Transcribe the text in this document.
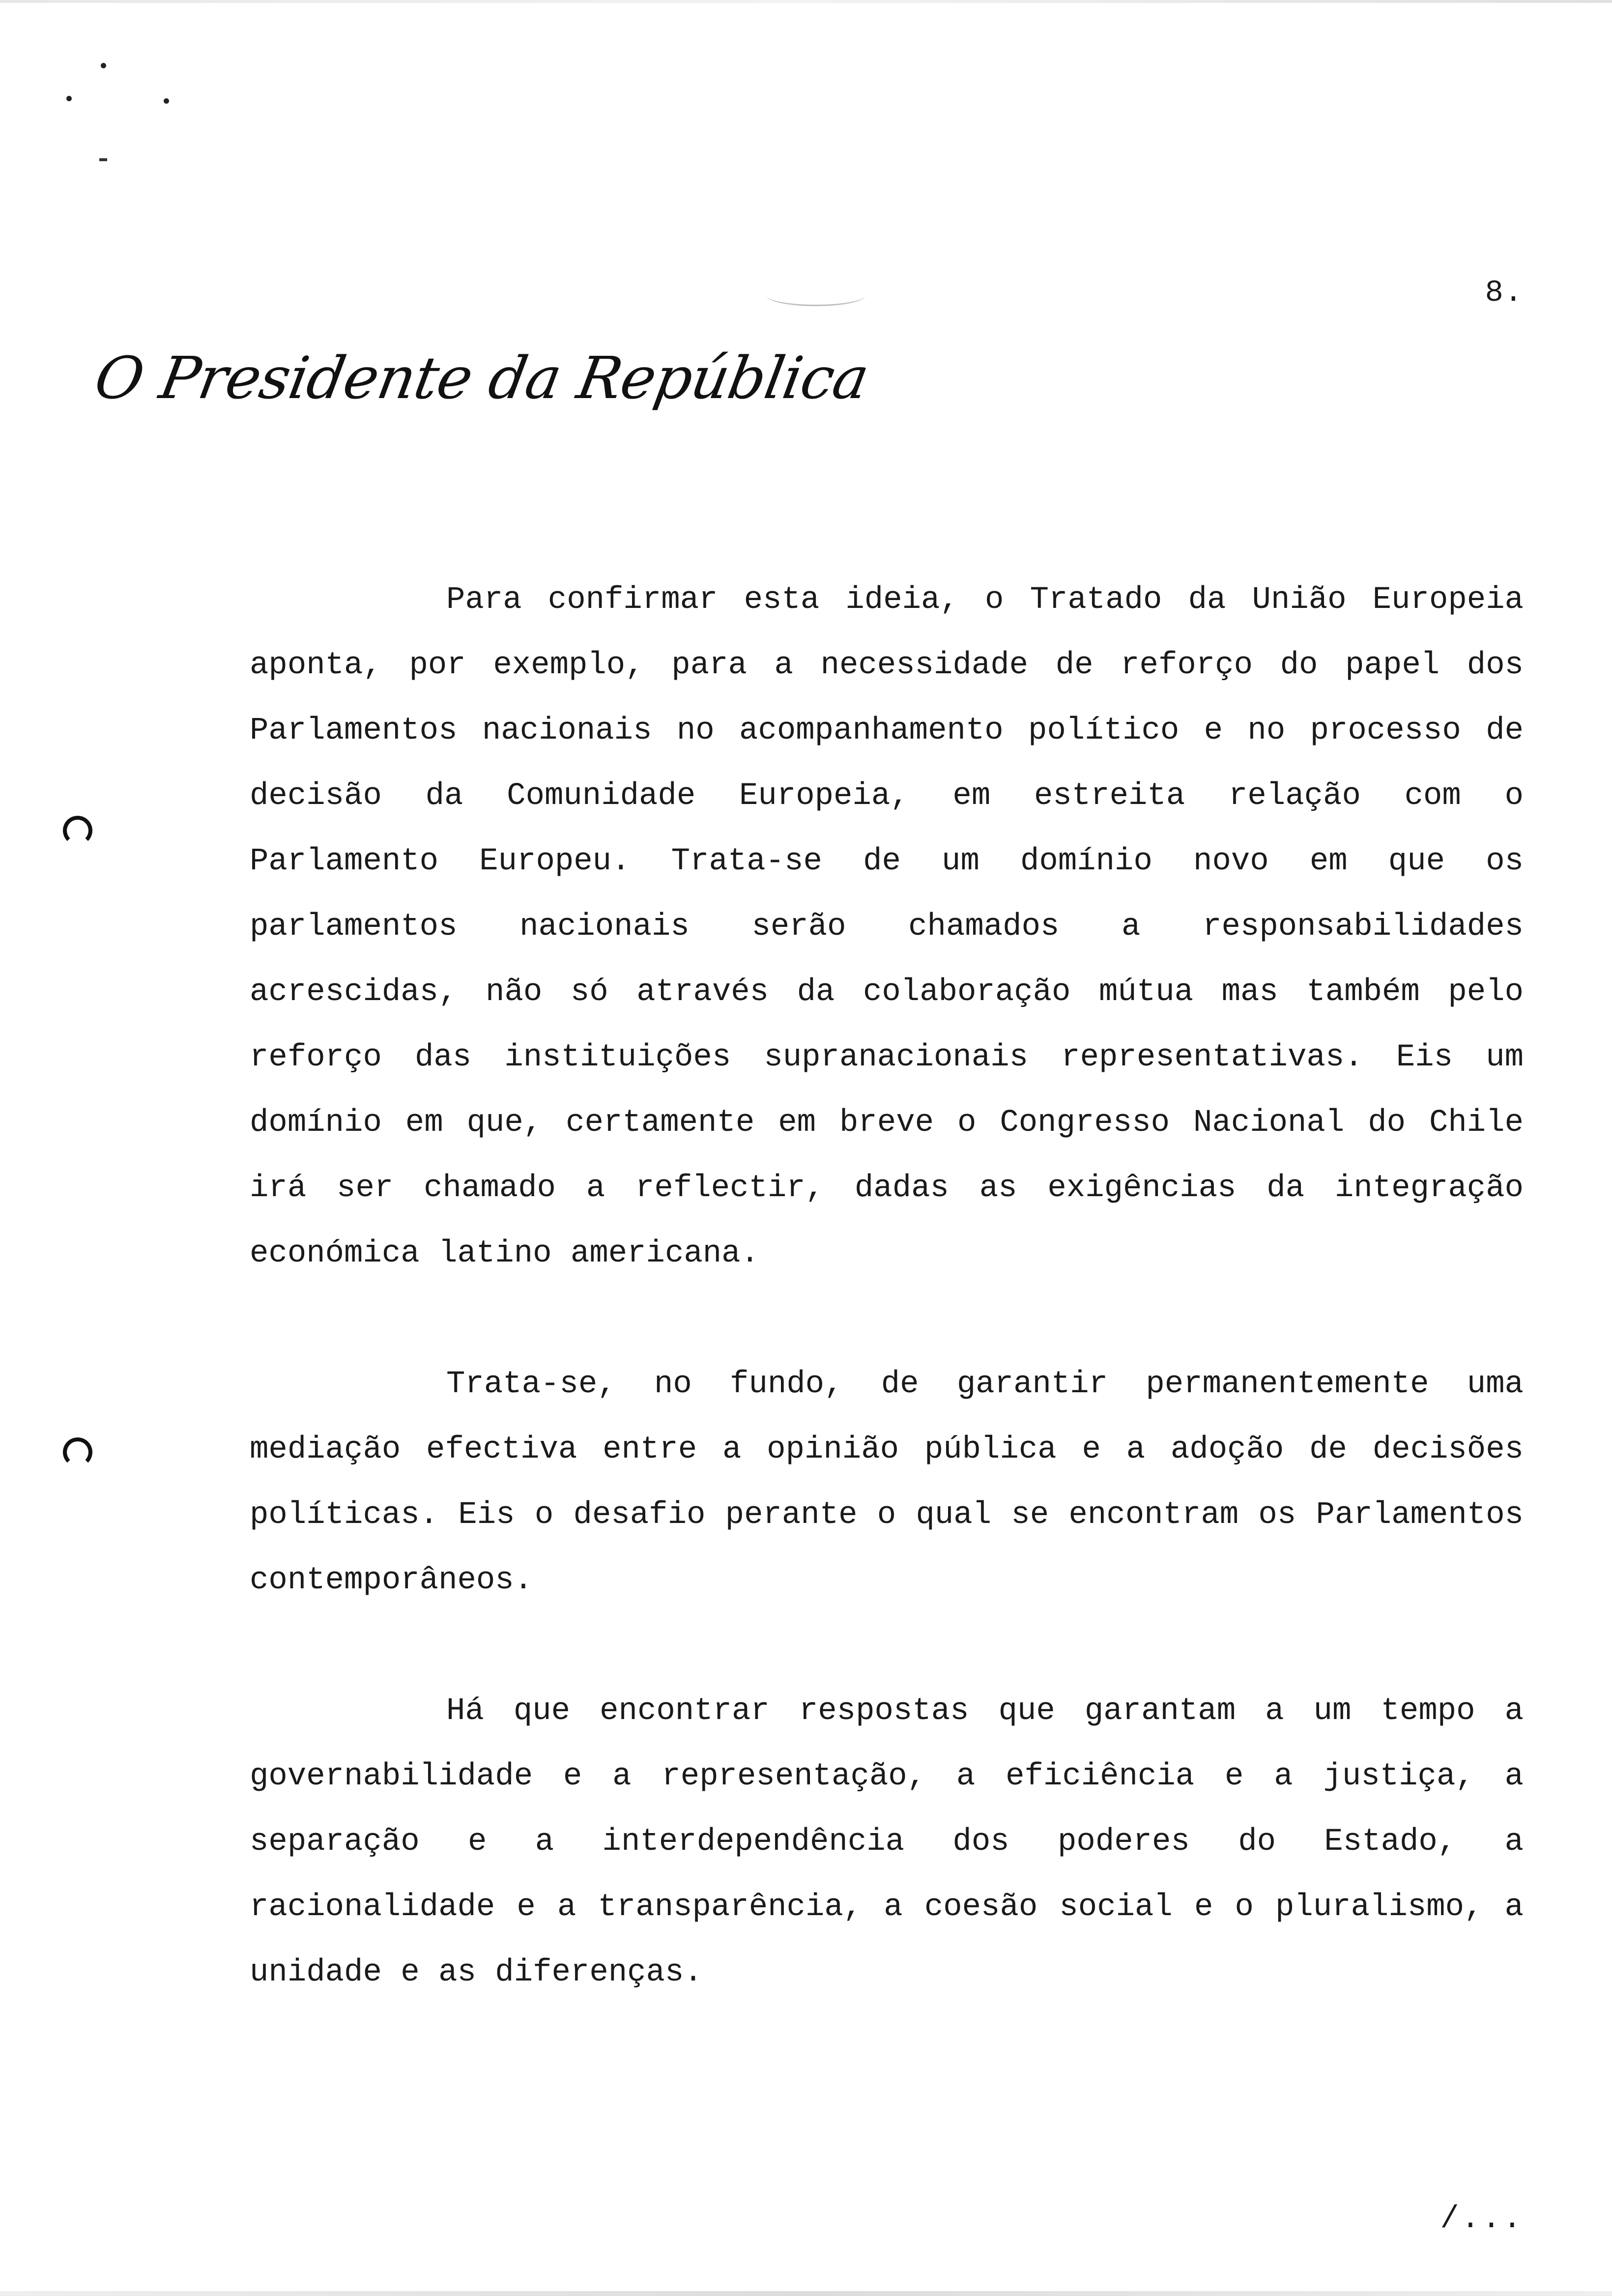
8.
O Presidente da República

Para confirmar esta ideia, o Tratado da União Europeia aponta, por exemplo, para a necessidade de reforço do papel dos Parlamentos nacionais no acompanhamento político e no processo de decisão da Comunidade Europeia, em estreita relação com o Parlamento Europeu. Trata-se de um domínio novo em que os parlamentos nacionais serão chamados a responsabilidades acrescidas, não só através da colaboração mútua mas também pelo reforço das instituições supranacionais representativas. Eis um domínio em que, certamente em breve o Congresso Nacional do Chile irá ser chamado a reflectir, dadas as exigências da integração económica latino americana.

Trata-se, no fundo, de garantir permanentemente uma mediação efectiva entre a opinião pública e a adoção de decisões políticas. Eis o desafio perante o qual se encontram os Parlamentos contemporâneos.

Há que encontrar respostas que garantam a um tempo a governabilidade e a representação, a eficiência e a justiça, a separação e a interdependência dos poderes do Estado, a racionalidade e a transparência, a coesão social e o pluralismo, a unidade e as diferenças.

/...
